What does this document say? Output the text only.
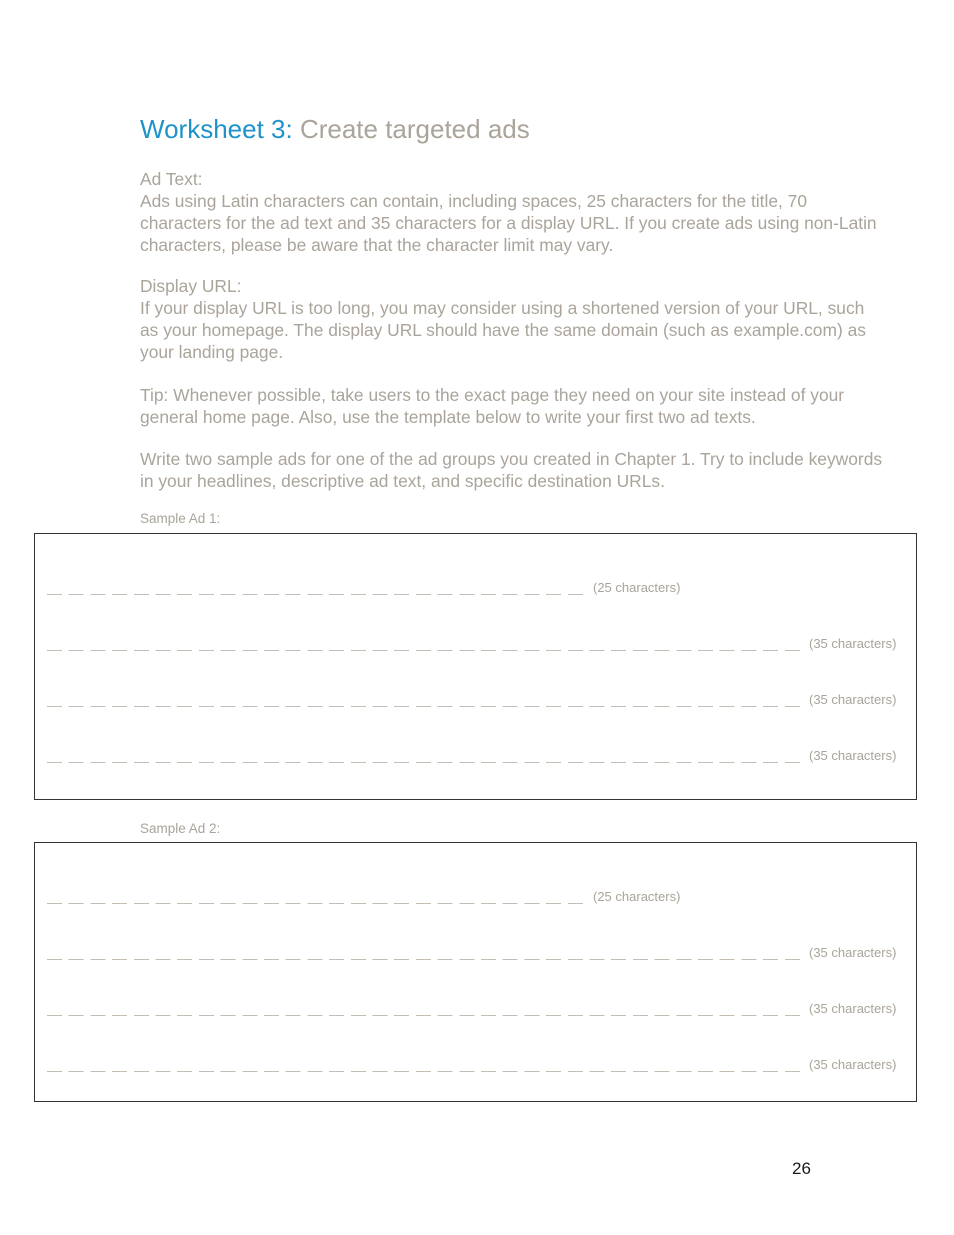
Worksheet 3: Create targeted ads

Ad Text:

Ads using Latin characters can contain, including spaces, 25 characters for the title, 70 characters for the ad text and 35 characters for a display URL. If you create ads using non-Latin characters, please be aware that the character limit may vary.

Display URL:

If your display URL is too long, you may consider using a shortened version of your URL, such as your homepage. The display URL should have the same domain (such as example.com) as your landing page.

Tip: Whenever possible, take users to the exact page they need on your site instead of your general home page. Also, use the template below to write your first two ad texts.

Write two sample ads for one of the ad groups you created in Chapter 1. Try to include keywords in your headlines, descriptive ad text, and specific destination URLs.

Sample Ad 1:
(25 characters)
(35 characters)
(35 characters)
(35 characters)
Sample Ad 2:
(25 characters)
(35 characters)
(35 characters)
(35 characters)
26
